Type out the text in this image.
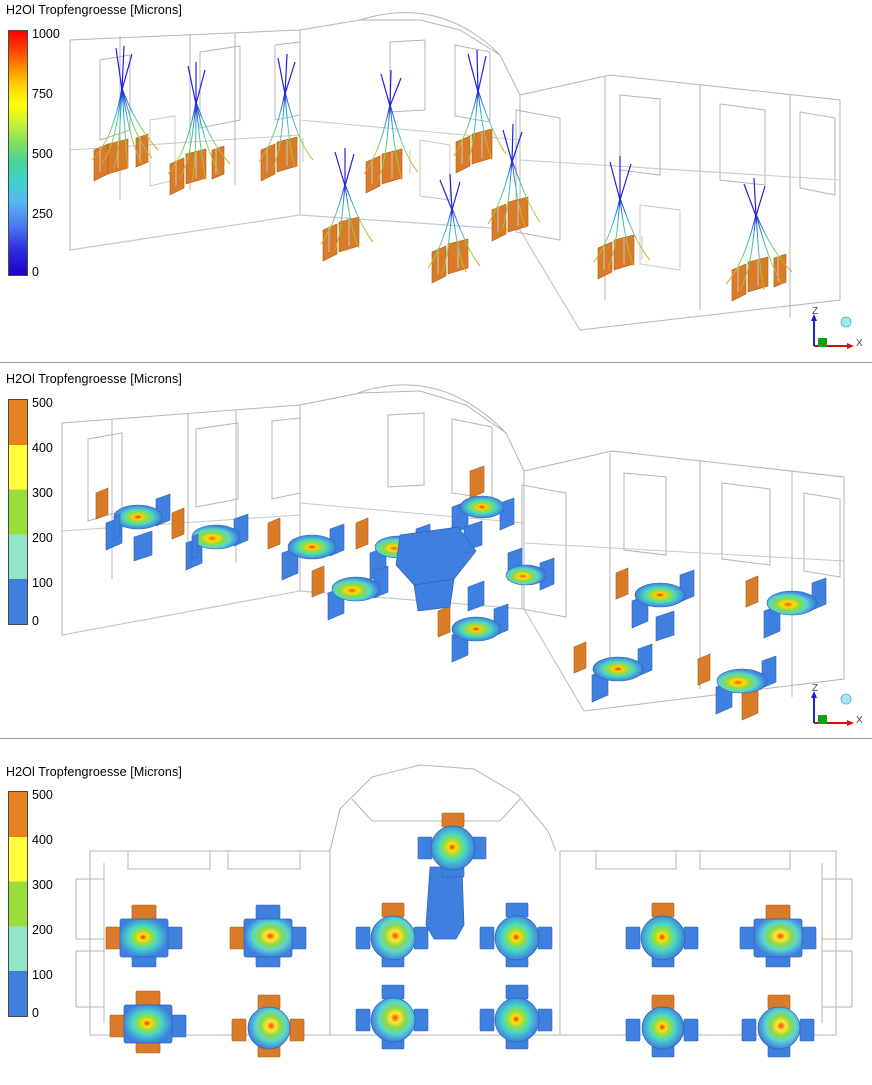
H2Ol Tropfengroesse [Microns]
1000
750
500
250
0
Z
X
H2Ol Tropfengroesse [Microns]
500
400
300
200
100
0
Z
X
H2Ol Tropfengroesse [Microns]
500
400
300
200
100
0
